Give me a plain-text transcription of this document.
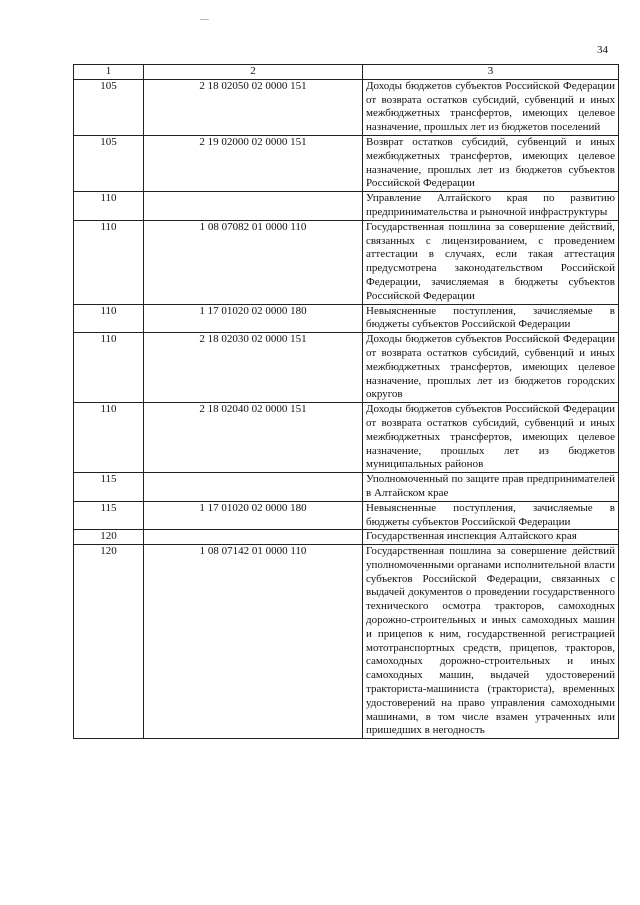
34
1	2	3
105	2 18 02050 02 0000 151	Доходы бюджетов субъектов Российской Федерации от возврата остатков субсидий, субвенций и иных межбюджетных трансфертов, имеющих целевое назначение, прошлых лет из бюджетов поселений
105	2 19 02000 02 0000 151	Возврат остатков субсидий, субвенций и иных межбюджетных трансфертов, имеющих целевое назначение, прошлых лет из бюджетов субъектов Российской Федерации
110		Управление Алтайского края по развитию предпринимательства и рыночной инфраструктуры
110	1 08 07082 01 0000 110	Государственная пошлина за совершение действий, связанных с лицензированием, с проведением аттестации в случаях, если такая аттестация предусмотрена законодательством Российской Федерации, зачисляемая в бюджеты субъектов Российской Федерации
110	1 17 01020 02 0000 180	Невыясненные поступления, зачисляемые в бюджеты субъектов Российской Федерации
110	2 18 02030 02 0000 151	Доходы бюджетов субъектов Российской Федерации от возврата остатков субсидий, субвенций и иных межбюджетных трансфертов, имеющих целевое назначение, прошлых лет из бюджетов городских округов
110	2 18 02040 02 0000 151	Доходы бюджетов субъектов Российской Федерации от возврата остатков субсидий, субвенций и иных межбюджетных трансфертов, имеющих целевое назначение, прошлых лет из бюджетов муниципальных районов
115		Уполномоченный по защите прав предпринимателей в Алтайском крае
115	1 17 01020 02 0000 180	Невыясненные поступления, зачисляемые в бюджеты субъектов Российской Федерации
120		Государственная инспекция Алтайского края
120	1 08 07142 01 0000 110	Государственная пошлина за совершение действий уполномоченными органами исполнительной власти субъектов Российской Федерации, связанных с выдачей документов о проведении государственного технического осмотра тракторов, самоходных дорожно-строительных и иных самоходных машин и прицепов к ним, государственной регистрацией мототранспортных средств, прицепов, тракторов, самоходных дорожно-строительных и иных самоходных машин, выдачей удостоверений тракториста-машиниста (тракториста), временных удостоверений на право управления самоходными машинами, в том числе взамен утраченных или пришедших в негодность
